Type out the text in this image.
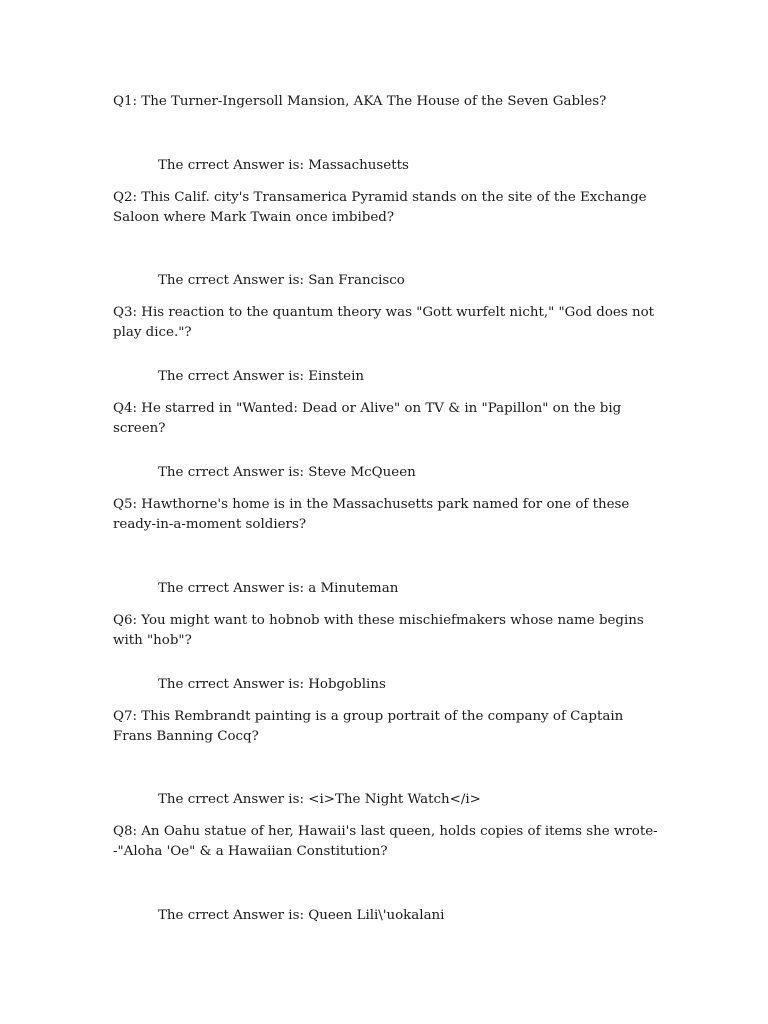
Q1: The Turner-Ingersoll Mansion, AKA The House of the Seven Gables?

The crrect Answer is: Massachusetts

Q2: This Calif. city's Transamerica Pyramid stands on the site of the Exchange Saloon where Mark Twain once imbibed?

The crrect Answer is: San Francisco

Q3: His reaction to the quantum theory was "Gott wurfelt nicht," "God does not play dice."?

The crrect Answer is: Einstein

Q4: He starred in "Wanted: Dead or Alive" on TV & in "Papillon" on the big screen?

The crrect Answer is: Steve McQueen

Q5: Hawthorne's home is in the Massachusetts park named for one of these ready-in-a-moment soldiers?

The crrect Answer is: a Minuteman

Q6: You might want to hobnob with these mischiefmakers whose name begins with "hob"?

The crrect Answer is: Hobgoblins

Q7: This Rembrandt painting is a group portrait of the company of Captain Frans Banning Cocq?

The crrect Answer is: <i>The Night Watch</i>

Q8: An Oahu statue of her, Hawaii's last queen, holds copies of items she wrote--"Aloha 'Oe" & a Hawaiian Constitution?

The crrect Answer is: Queen Lili\'uokalani
